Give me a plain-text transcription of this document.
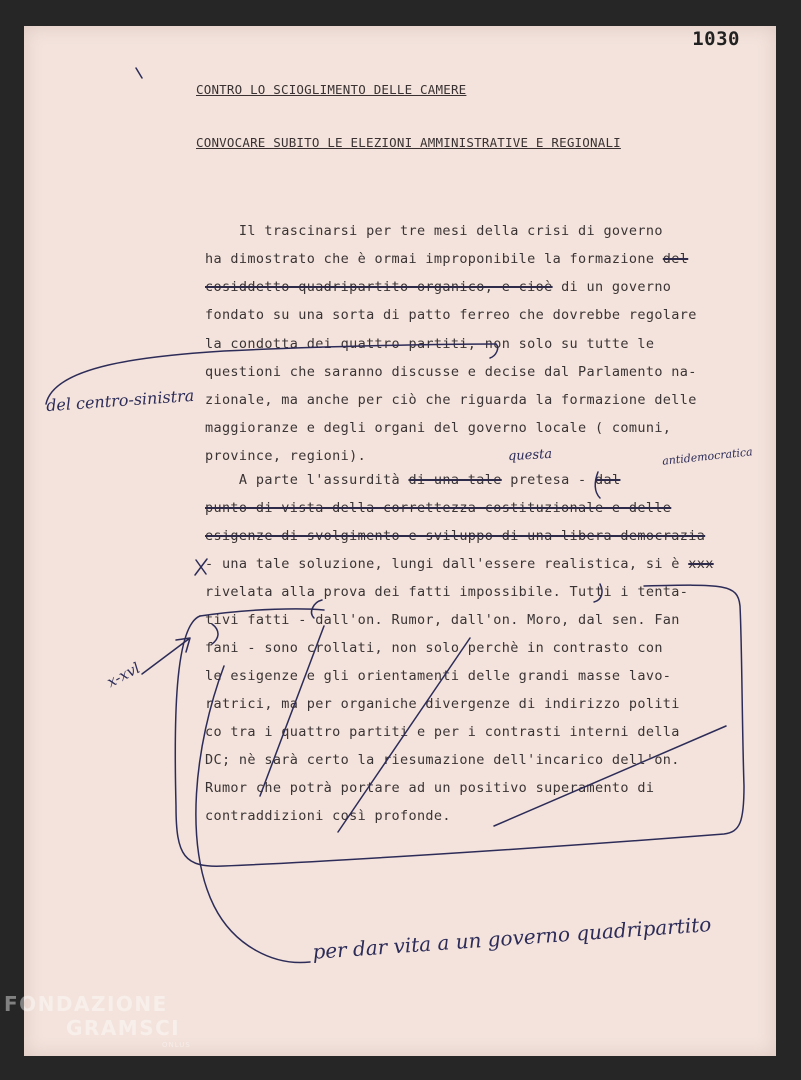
1030
CONTRO LO SCIOGLIMENTO DELLE CAMERE
CONVOCARE SUBITO LE ELEZIONI AMMINISTRATIVE E REGIONALI
Il trascinarsi per tre mesi della crisi di governo
ha dimostrato che è ormai improponibile la formazione del
cosiddetto quadripartito organico, e cioè di un governo
fondato su una sorta di patto ferreo che dovrebbe regolare
la condotta dei quattro partiti, non solo su tutte le
questioni che saranno discusse e decise dal Parlamento na-
zionale, ma anche per ciò che riguarda la formazione delle
maggioranze e degli organi del governo locale ( comuni,
province, regioni).
A parte l'assurdità di una tale pretesa - dal
punto di vista della correttezza costituzionale e delle
esigenze di svolgimento e sviluppo di una libera democrazia
- una tale soluzione, lungi dall'essere realistica, si è xxx
rivelata alla prova dei fatti impossibile. Tutti i tenta-
tivi fatti - dall'on. Rumor, dall'on. Moro, dal sen. Fan
fani - sono crollati, non solo perchè in contrasto con
le esigenze e gli orientamenti delle grandi masse lavo-
ratrici, ma per organiche divergenze di indirizzo politi
co tra i quattro partiti e per i contrasti interni della
DC; nè sarà certo la riesumazione dell'incarico dell'on.
Rumor che potrà portare ad un positivo superamento di
contraddizioni così profonde.
del centro-sinistra
questa	antidemocratica
x-xvl
per dar vita a un governo quadripartito
FONDAZIONE

GRAMSCI
ONLUS
